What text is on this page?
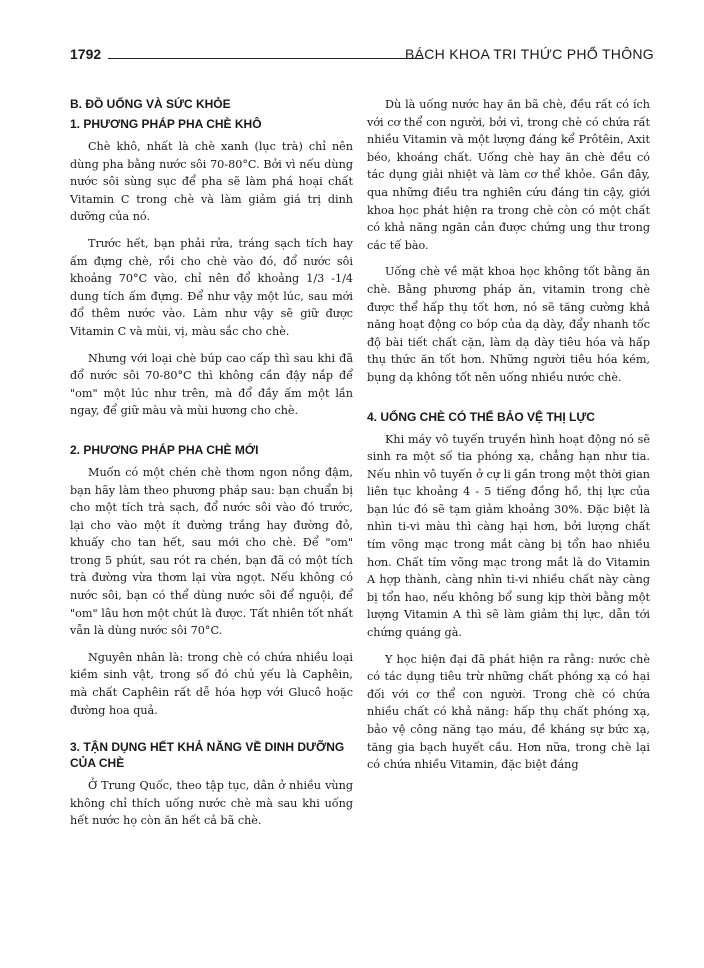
1792	BÁCH KHOA TRI THỨC PHỔ THÔNG
B. ĐỒ UỐNG VÀ SỨC KHỎE
1. PHƯƠNG PHÁP PHA CHÈ KHÔ

Chè khô, nhất là chè xanh (lục trà) chỉ nên dùng pha bằng nước sôi 70-80°C. Bởi vì nếu dùng nước sôi sùng sục để pha sẽ làm phá hoại chất Vitamin C trong chè và làm giảm giá trị dinh dưỡng của nó.

Trước hết, bạn phải rửa, tráng sạch tích hay ấm đựng chè, rồi cho chè vào đó, đổ nước sôi khoảng 70°C vào, chỉ nên đổ khoảng 1/3 -1/4 dung tích ấm đựng. Để như vậy một lúc, sau mới đổ thêm nước vào. Làm như vậy sẽ giữ được Vitamin C và mùi, vị, màu sắc cho chè.

Nhưng với loại chè búp cao cấp thì sau khi đã đổ nước sôi 70-80°C thì không cần đậy nắp để "om" một lúc như trên, mà đổ đầy ấm một lần ngay, để giữ màu và mùi hương cho chè.

2. PHƯƠNG PHÁP PHA CHÈ MỚI

Muốn có một chén chè thơm ngon nồng đậm, bạn hãy làm theo phương pháp sau: bạn chuẩn bị cho một tích trà sạch, đổ nước sôi vào đó trước, lại cho vào một ít đường trắng hay đường đỏ, khuấy cho tan hết, sau mới cho chè. Để "om" trong 5 phút, sau rót ra chén, bạn đã có một tích trà đường vừa thơm lại vừa ngọt. Nếu không có nước sôi, bạn có thể dùng nước sôi để nguội, để "om" lâu hơn một chút là được. Tất nhiên tốt nhất vẫn là dùng nước sôi 70°C.

Nguyên nhân là: trong chè có chứa nhiều loại kiềm sinh vật, trong số đó chủ yếu là Caphêin, mà chất Caphêin rất dễ hóa hợp với Glucô hoặc đường hoa quả.

3. TẬN DỤNG HẾT KHẢ NĂNG VỀ DINH DƯỠNG CỦA CHÈ

Ở Trung Quốc, theo tập tục, dân ở nhiều vùng không chỉ thích uống nước chè mà sau khi uống hết nước họ còn ăn hết cả bã chè.

Dù là uống nước hay ăn bã chè, đều rất có ích với cơ thể con người, bởi vì, trong chè có chứa rất nhiều Vitamin và một lượng đáng kể Prôtêin, Axit béo, khoáng chất. Uống chè hay ăn chè đều có tác dụng giải nhiệt và làm cơ thể khỏe. Gần đây, qua những điều tra nghiên cứu đáng tin cậy, giới khoa học phát hiện ra trong chè còn có một chất có khả năng ngăn cản được chứng ung thư trong các tế bào.

Uống chè về mặt khoa học không tốt bằng ăn chè. Bằng phương pháp ăn, vitamin trong chè được thể hấp thụ tốt hơn, nó sẽ tăng cường khả năng hoạt động co bóp của dạ dày, đẩy nhanh tốc độ bài tiết chất cặn, làm dạ dày tiêu hóa và hấp thụ thức ăn tốt hơn. Những người tiêu hóa kém, bụng dạ không tốt nên uống nhiều nước chè.

4. UỐNG CHÈ CÓ THỂ BẢO VỆ THỊ LỰC

Khi máy vô tuyến truyền hình hoạt động nó sẽ sinh ra một số tia phóng xạ, chẳng hạn như tia. Nếu nhìn vô tuyến ở cự li gần trong một thời gian liên tục khoảng 4 - 5 tiếng đồng hồ, thị lực của bạn lúc đó sẽ tạm giảm khoảng 30%. Đặc biệt là nhìn ti-vi màu thì càng hại hơn, bởi lượng chất tím võng mạc trong mắt càng bị tổn hao nhiều hơn. Chất tím võng mạc trong mắt là do Vitamin A hợp thành, càng nhìn ti-vi nhiều chất này càng bị tổn hao, nếu không bổ sung kịp thời bằng một lượng Vitamin A thì sẽ làm giảm thị lực, dẫn tới chứng quáng gà.

Y học hiện đại đã phát hiện ra rằng: nước chè có tác dụng tiêu trừ những chất phóng xạ có hại đối với cơ thể con người. Trong chè có chứa nhiều chất có khả năng: hấp thụ chất phóng xạ, bảo vệ công năng tạo máu, đề kháng sự bức xạ, tăng gia bạch huyết cầu. Hơn nữa, trong chè lại có chứa nhiều Vitamin, đặc biệt đáng
